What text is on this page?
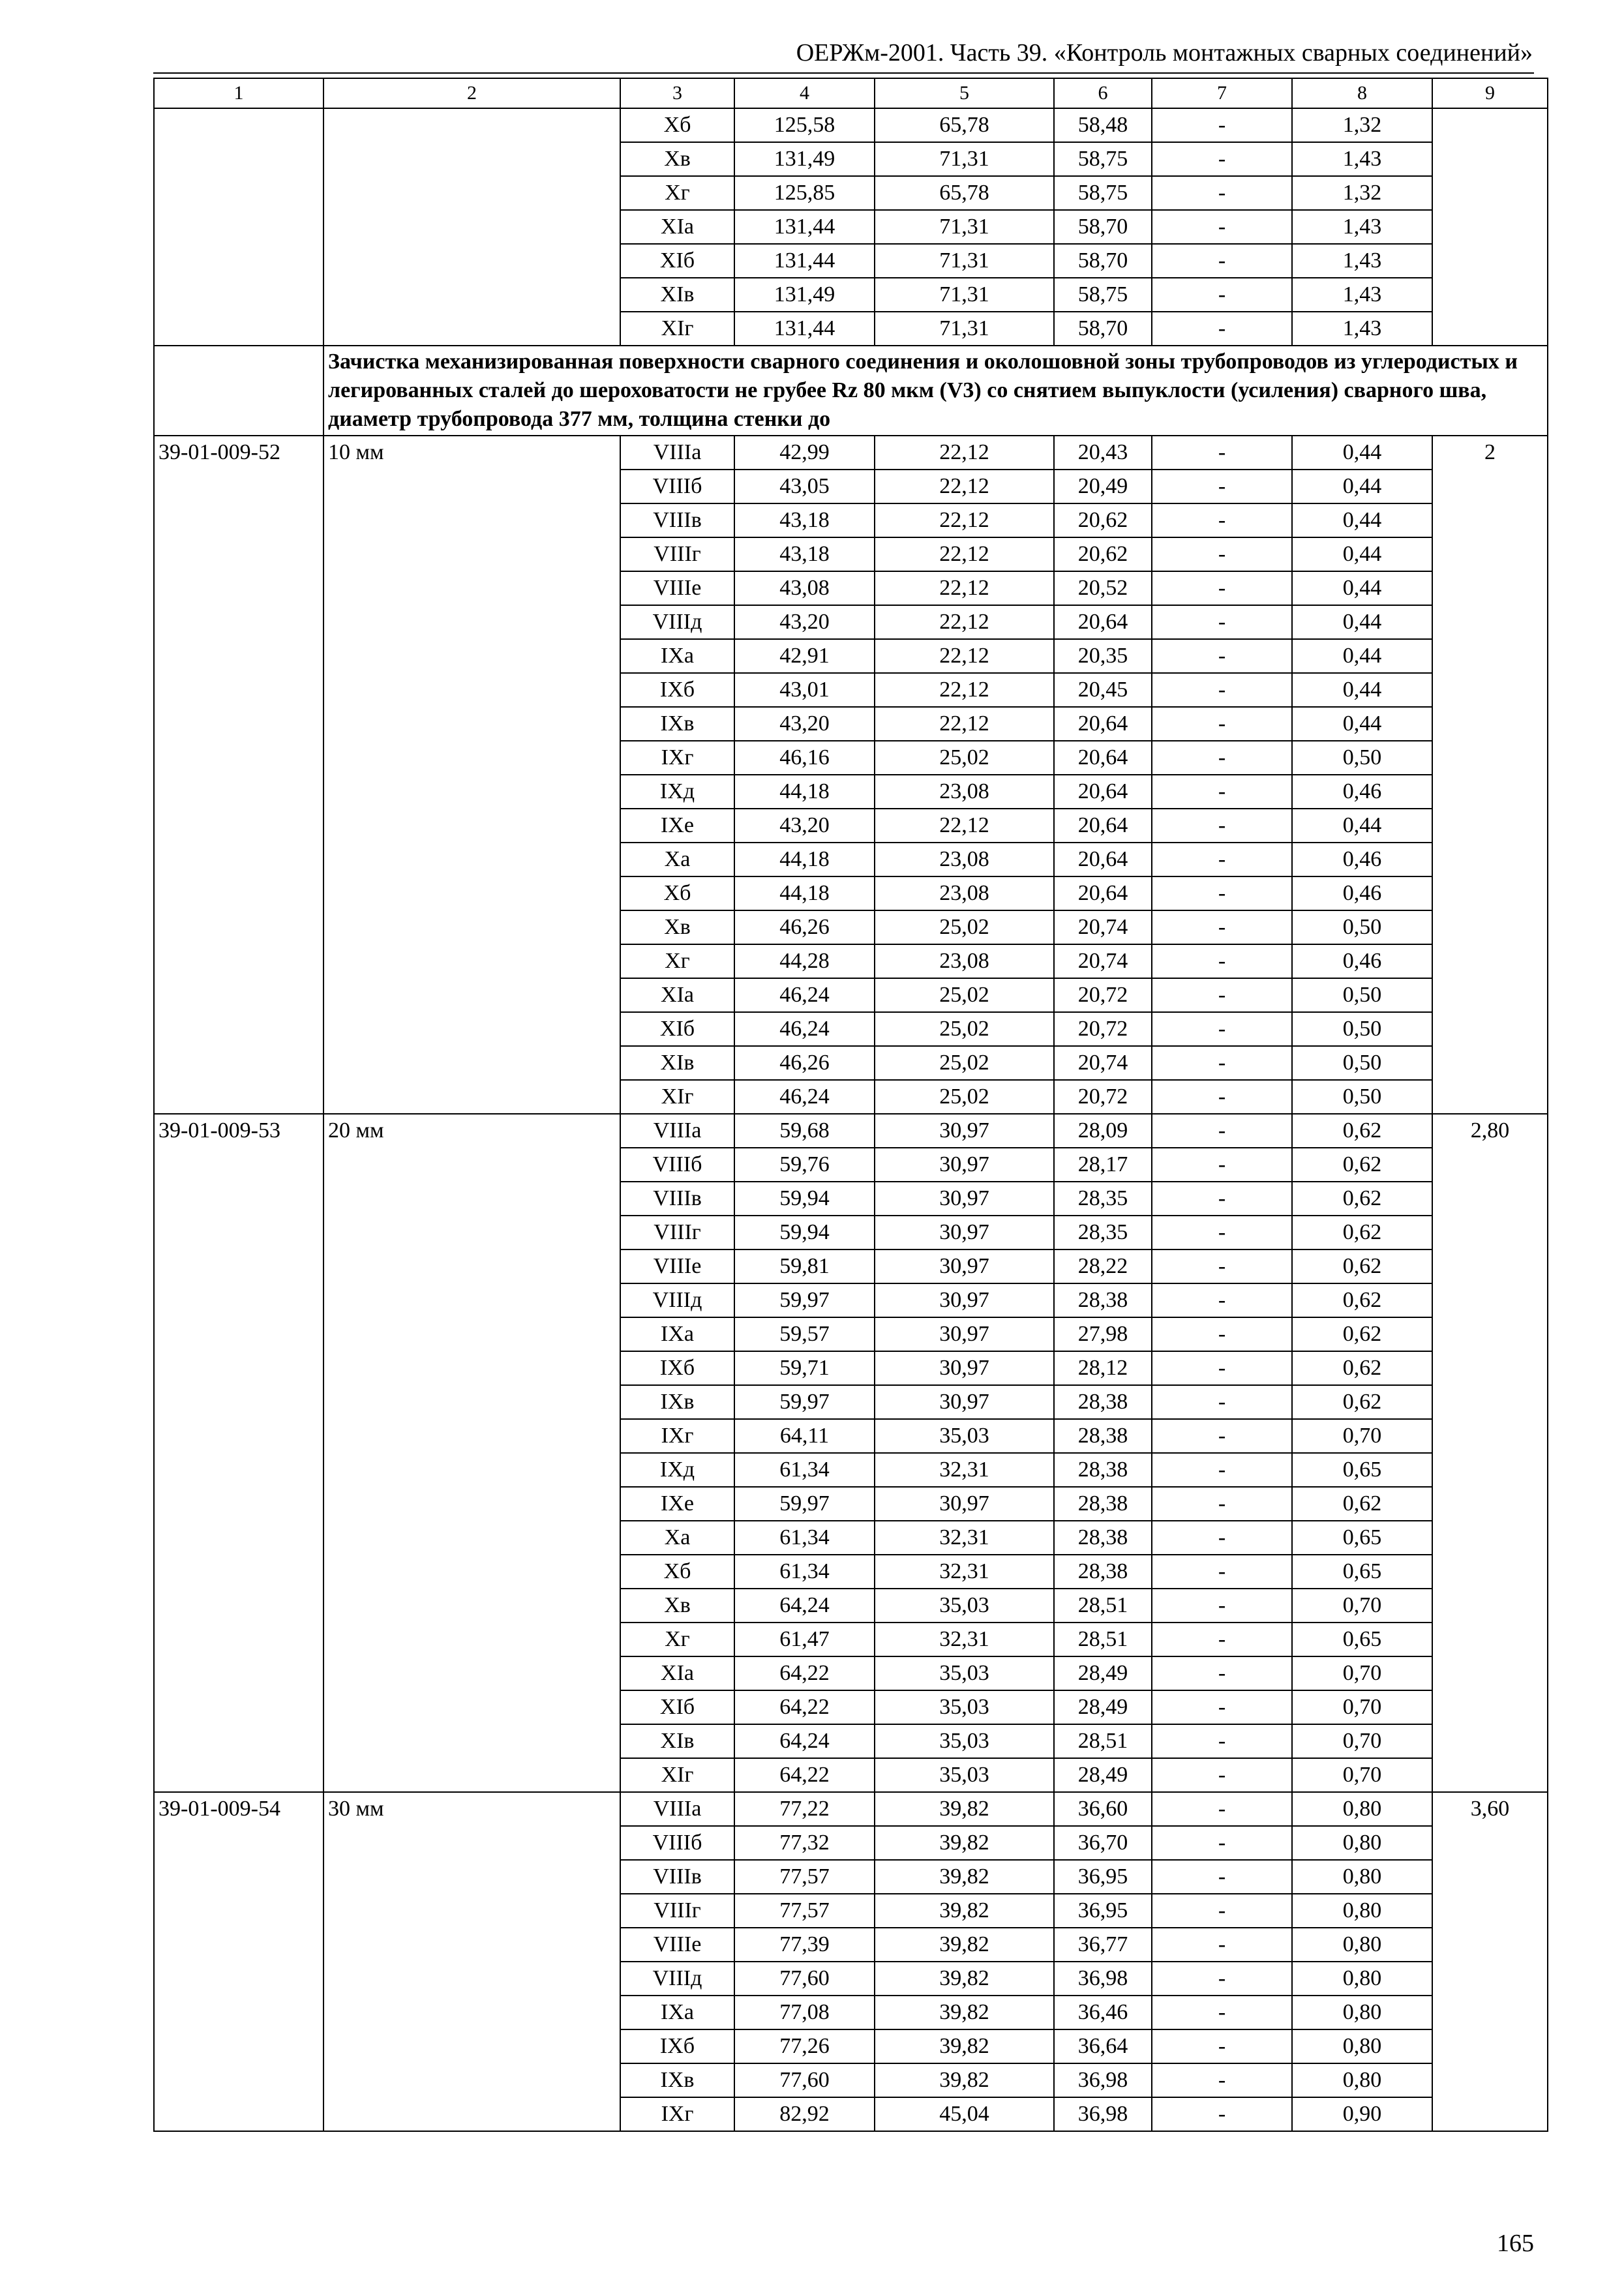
ОЕРЖм-2001. Часть 39. «Контроль монтажных сварных соединений»
1	2	3	4	5	6	7	8	9
		Xб	125,58	65,78	58,48	-	1,32	
		Xв	131,49	71,31	58,75	-	1,43	
		Xг	125,85	65,78	58,75	-	1,32	
		XIа	131,44	71,31	58,70	-	1,43	
		XIб	131,44	71,31	58,70	-	1,43	
		XIв	131,49	71,31	58,75	-	1,43	
		XIг	131,44	71,31	58,70	-	1,43	
	Зачистка механизированная поверхности сварного соединения и околошовной зоны трубопроводов из углеродистых и легированных сталей до шероховатости не грубее Rz 80 мкм (V3) со снятием выпуклости (усиления) сварного шва, диаметр трубопровода 377 мм, толщина стенки до							
39-01-009-52	10 мм	VIIIа	42,99	22,12	20,43	-	0,44	2
		VIIIб	43,05	22,12	20,49	-	0,44	
		VIIIв	43,18	22,12	20,62	-	0,44	
		VIIIг	43,18	22,12	20,62	-	0,44	
		VIIIе	43,08	22,12	20,52	-	0,44	
		VIIIд	43,20	22,12	20,64	-	0,44	
		IXа	42,91	22,12	20,35	-	0,44	
		IXб	43,01	22,12	20,45	-	0,44	
		IXв	43,20	22,12	20,64	-	0,44	
		IXг	46,16	25,02	20,64	-	0,50	
		IXд	44,18	23,08	20,64	-	0,46	
		IXе	43,20	22,12	20,64	-	0,44	
		Xа	44,18	23,08	20,64	-	0,46	
		Xб	44,18	23,08	20,64	-	0,46	
		Xв	46,26	25,02	20,74	-	0,50	
		Xг	44,28	23,08	20,74	-	0,46	
		XIа	46,24	25,02	20,72	-	0,50	
		XIб	46,24	25,02	20,72	-	0,50	
		XIв	46,26	25,02	20,74	-	0,50	
		XIг	46,24	25,02	20,72	-	0,50	
39-01-009-53	20 мм	VIIIа	59,68	30,97	28,09	-	0,62	2,80
		VIIIб	59,76	30,97	28,17	-	0,62	
		VIIIв	59,94	30,97	28,35	-	0,62	
		VIIIг	59,94	30,97	28,35	-	0,62	
		VIIIе	59,81	30,97	28,22	-	0,62	
		VIIIд	59,97	30,97	28,38	-	0,62	
		IXа	59,57	30,97	27,98	-	0,62	
		IXб	59,71	30,97	28,12	-	0,62	
		IXв	59,97	30,97	28,38	-	0,62	
		IXг	64,11	35,03	28,38	-	0,70	
		IXд	61,34	32,31	28,38	-	0,65	
		IXе	59,97	30,97	28,38	-	0,62	
		Xа	61,34	32,31	28,38	-	0,65	
		Xб	61,34	32,31	28,38	-	0,65	
		Xв	64,24	35,03	28,51	-	0,70	
		Xг	61,47	32,31	28,51	-	0,65	
		XIа	64,22	35,03	28,49	-	0,70	
		XIб	64,22	35,03	28,49	-	0,70	
		XIв	64,24	35,03	28,51	-	0,70	
		XIг	64,22	35,03	28,49	-	0,70	
39-01-009-54	30 мм	VIIIа	77,22	39,82	36,60	-	0,80	3,60
		VIIIб	77,32	39,82	36,70	-	0,80	
		VIIIв	77,57	39,82	36,95	-	0,80	
		VIIIг	77,57	39,82	36,95	-	0,80	
		VIIIе	77,39	39,82	36,77	-	0,80	
		VIIIд	77,60	39,82	36,98	-	0,80	
		IXа	77,08	39,82	36,46	-	0,80	
		IXб	77,26	39,82	36,64	-	0,80	
		IXв	77,60	39,82	36,98	-	0,80	
		IXг	82,92	45,04	36,98	-	0,90	
165
